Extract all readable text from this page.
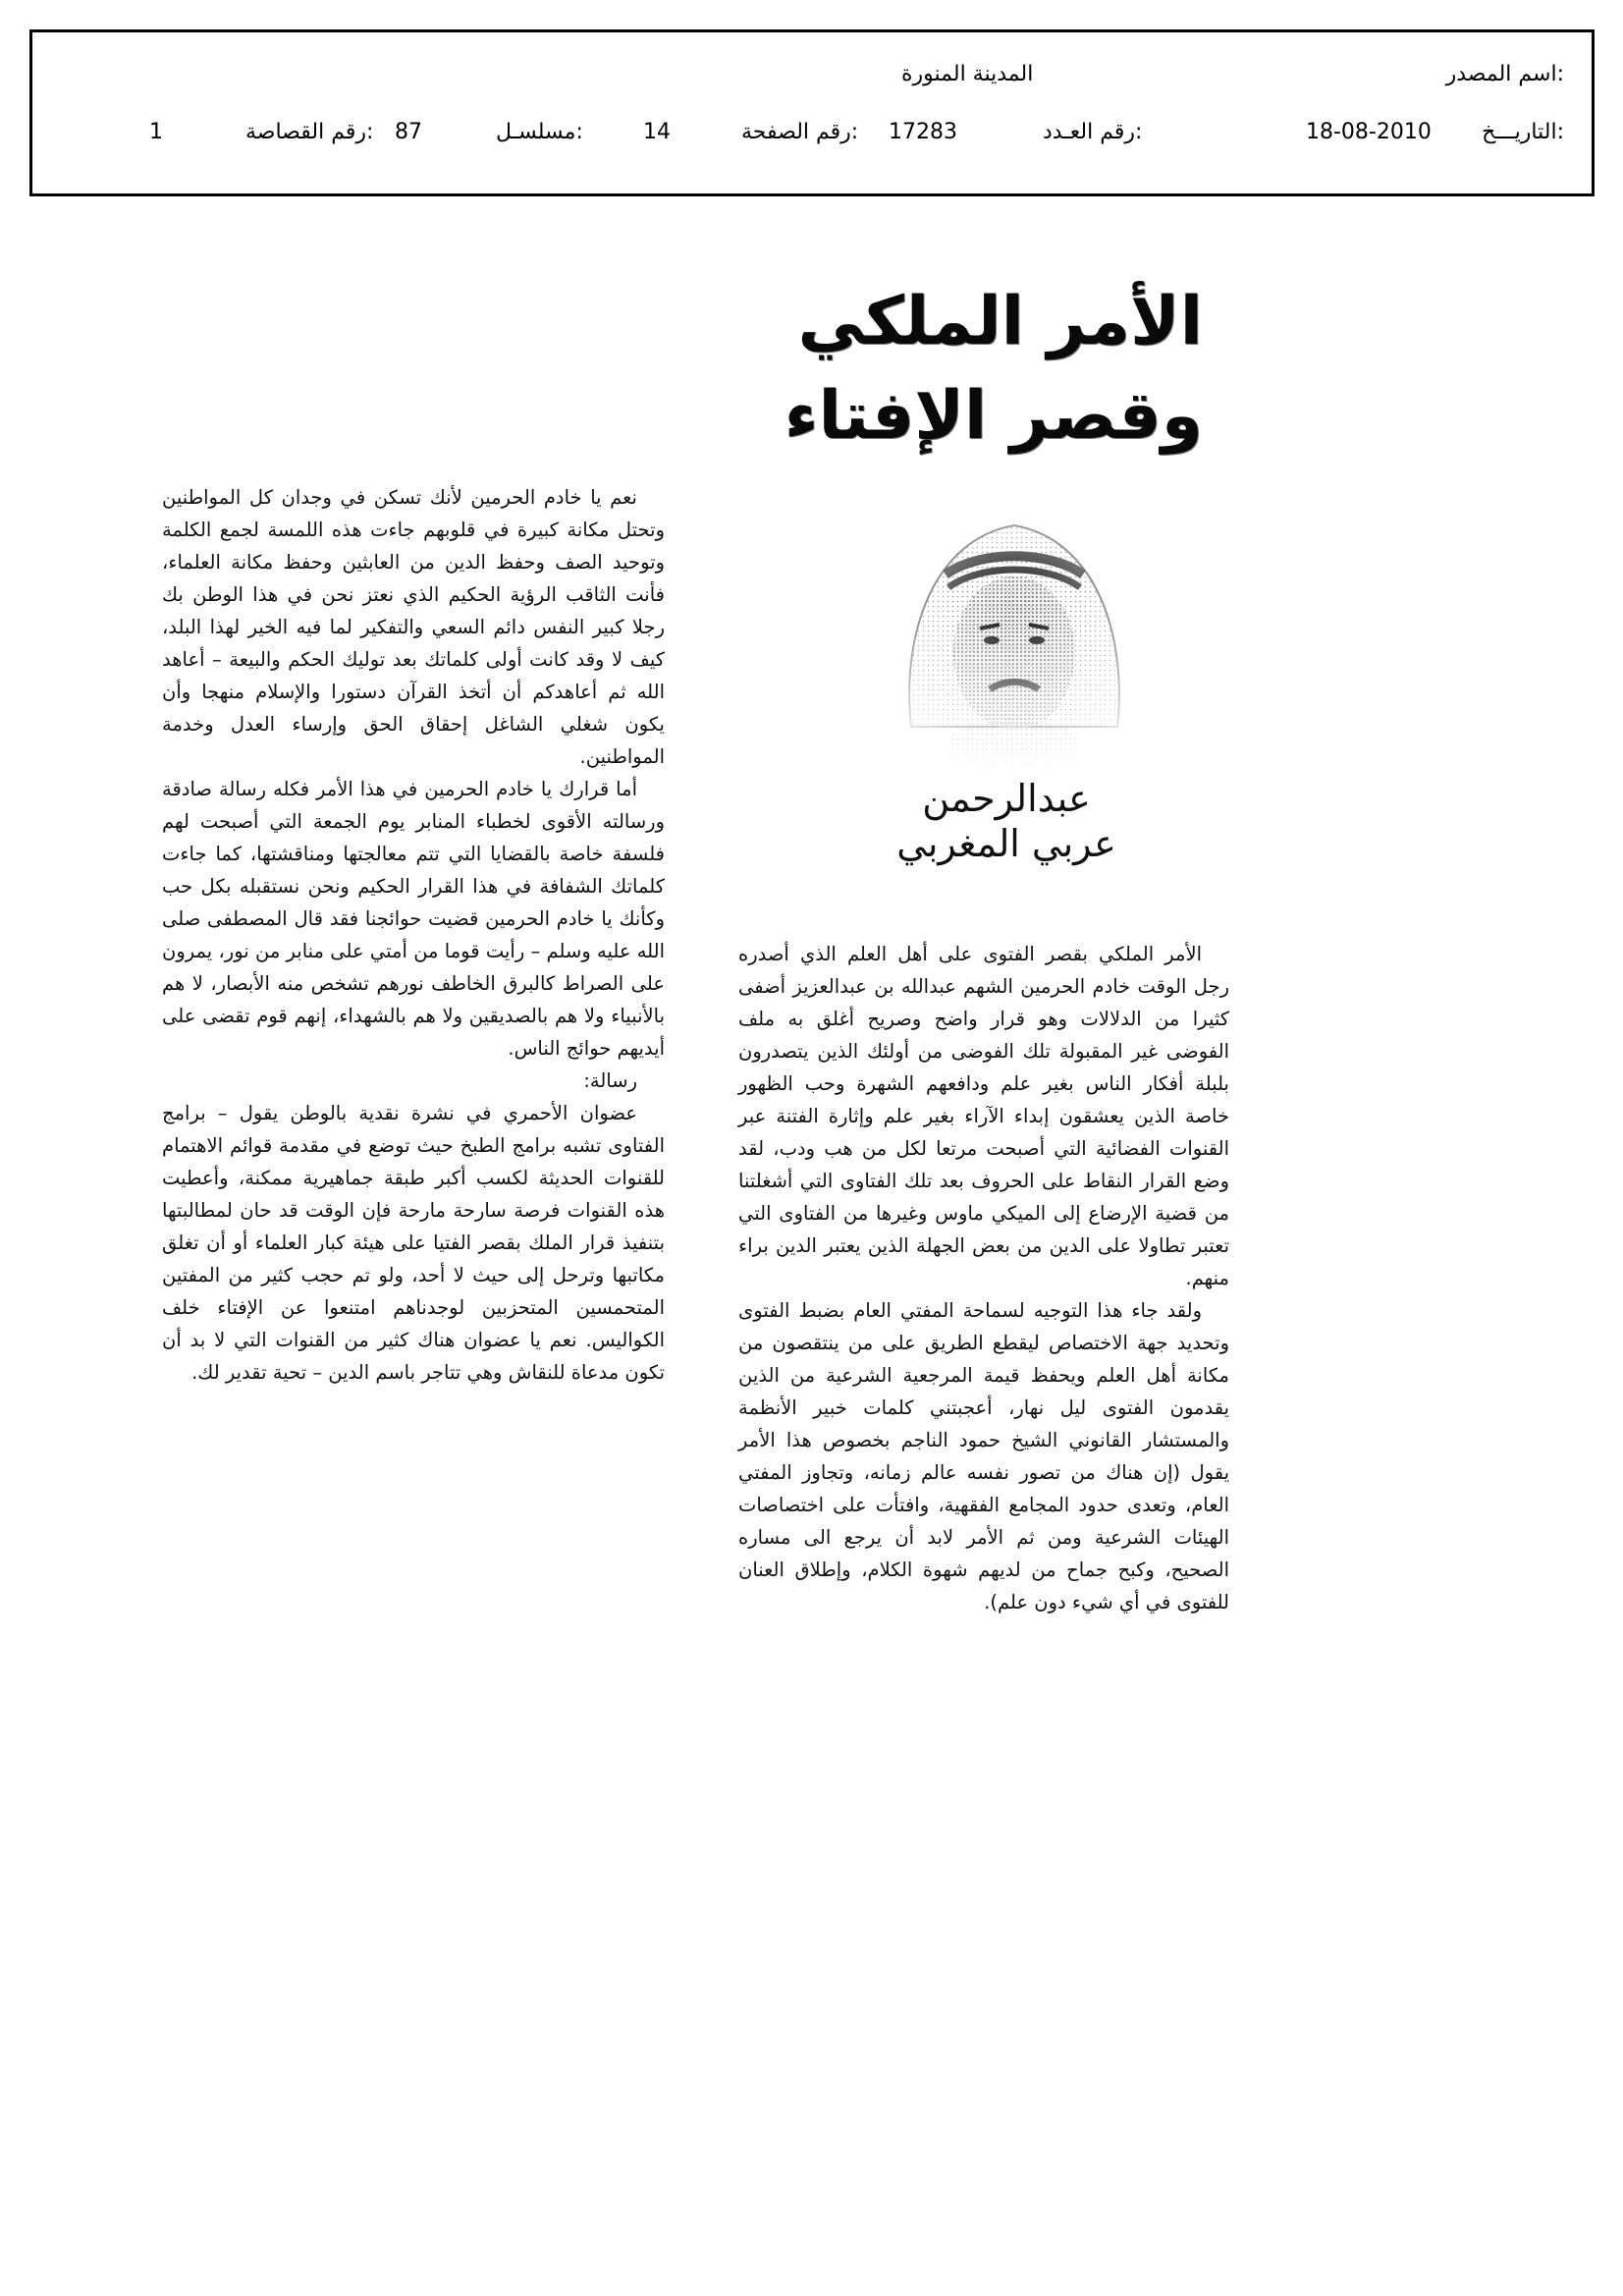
اسم المصدر:
المدينة المنورة
التاريـــخ:
18-08-2010
رقم العـدد:
17283
رقم الصفحة:
14
مسلسـل:
87
رقم القصاصة:
1
الأمر الملكي
وقصر الإفتاء
عبدالرحمن
عربي المغربي

الأمر الملكي بقصر الفتوى على أهل العلم الذي أصدره رجل الوقت خادم الحرمين الشهم عبدالله بن عبدالعزيز أضفى كثيرا من الدلالات وهو قرار واضح وصريح أغلق به ملف الفوضى غير المقبولة تلك الفوضى من أولئك الذين يتصدرون بلبلة أفكار الناس بغير علم ودافعهم الشهرة وحب الظهور خاصة الذين يعشقون إبداء الآراء بغير علم وإثارة الفتنة عبر القنوات الفضائية التي أصبحت مرتعا لكل من هب ودب، لقد وضع القرار النقاط على الحروف بعد تلك الفتاوى التي أشغلتنا من قضية الإرضاع إلى الميكي ماوس وغيرها من الفتاوى التي تعتبر تطاولا على الدين من بعض الجهلة الذين يعتبر الدين براء منهم.

ولقد جاء هذا التوجيه لسماحة المفتي العام بضبط الفتوى وتحديد جهة الاختصاص ليقطع الطريق على من ينتقصون من مكانة أهل العلم ويحفظ قيمة المرجعية الشرعية من الذين يقدمون الفتوى ليل نهار، أعجبتني كلمات خبير الأنظمة والمستشار القانوني الشيخ حمود الناجم بخصوص هذا الأمر يقول (إن هناك من تصور نفسه عالم زمانه، وتجاوز المفتي العام، وتعدى حدود المجامع الفقهية، وافتأت على اختصاصات الهيئات الشرعية ومن ثم الأمر لابد أن يرجع الى مساره الصحيح، وكبح جماح من لديهم شهوة الكلام، وإطلاق العنان للفتوى في أي شيء دون علم).

نعم يا خادم الحرمين لأنك تسكن في وجدان كل المواطنين وتحتل مكانة كبيرة في قلوبهم جاءت هذه اللمسة لجمع الكلمة وتوحيد الصف وحفظ الدين من العابثين وحفظ مكانة العلماء، فأنت الثاقب الرؤية الحكيم الذي نعتز نحن في هذا الوطن بك رجلا كبير النفس دائم السعي والتفكير لما فيه الخير لهذا البلد، كيف لا وقد كانت أولى كلماتك بعد توليك الحكم والبيعة – أعاهد الله ثم أعاهدكم أن أتخذ القرآن دستورا والإسلام منهجا وأن يكون شغلي الشاغل إحقاق الحق وإرساء العدل وخدمة المواطنين.

أما قرارك يا خادم الحرمين في هذا الأمر فكله رسالة صادقة ورسالته الأقوى لخطباء المنابر يوم الجمعة التي أصبحت لهم فلسفة خاصة بالقضايا التي تتم معالجتها ومناقشتها، كما جاءت كلماتك الشفافة في هذا القرار الحكيم ونحن نستقبله بكل حب وكأنك يا خادم الحرمين قضيت حوائجنا فقد قال المصطفى صلى الله عليه وسلم – رأيت قوما من أمتي على منابر من نور، يمرون على الصراط كالبرق الخاطف نورهم تشخص منه الأبصار، لا هم بالأنبياء ولا هم بالصديقين ولا هم بالشهداء، إنهم قوم تقضى على أيديهم حوائج الناس.

رسالة:

عضوان الأحمري في نشرة نقدية بالوطن يقول – برامج الفتاوى تشبه برامج الطبخ حيث توضع في مقدمة قوائم الاهتمام للقنوات الحديثة لكسب أكبر طبقة جماهيرية ممكنة، وأعطيت هذه القنوات فرصة سارحة مارحة فإن الوقت قد حان لمطالبتها بتنفيذ قرار الملك بقصر الفتيا على هيئة كبار العلماء أو أن تغلق مكاتبها وترحل إلى حيث لا أحد، ولو تم حجب كثير من المفتين المتحمسين المتحزبين لوجدناهم امتنعوا عن الإفتاء خلف الكواليس. نعم يا عضوان هناك كثير من القنوات التي لا بد أن تكون مدعاة للنقاش وهي تتاجر باسم الدين – تحية تقدير لك.
